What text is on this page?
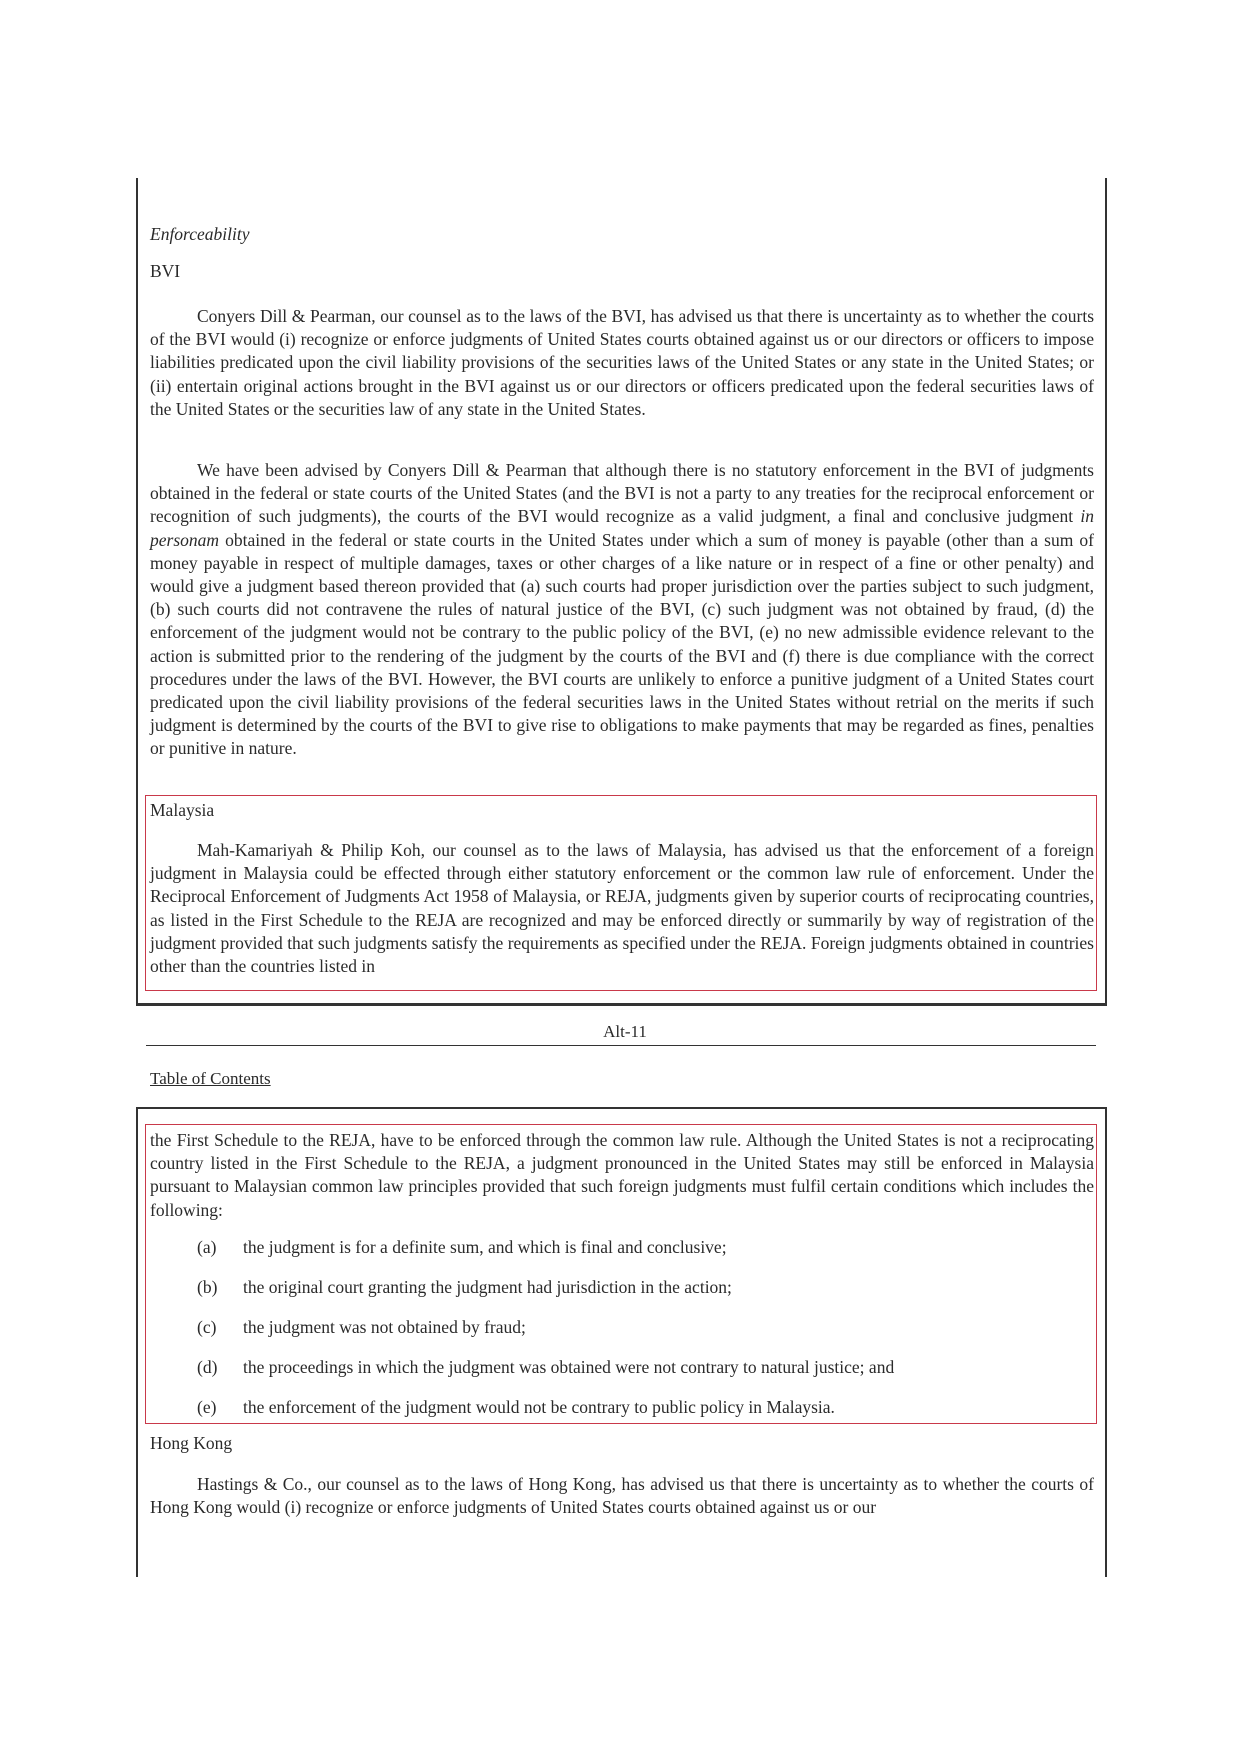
Enforceability
BVI

Conyers Dill & Pearman, our counsel as to the laws of the BVI, has advised us that there is uncertainty as to whether the courts of the BVI would (i) recognize or enforce judgments of United States courts obtained against us or our directors or officers to impose liabilities predicated upon the civil liability provisions of the securities laws of the United States or any state in the United States; or (ii) entertain original actions brought in the BVI against us or our directors or officers predicated upon the federal securities laws of the United States or the securities law of any state in the United States.

We have been advised by Conyers Dill & Pearman that although there is no statutory enforcement in the BVI of judgments obtained in the federal or state courts of the United States (and the BVI is not a party to any treaties for the reciprocal enforcement or recognition of such judgments), the courts of the BVI would recognize as a valid judgment, a final and conclusive judgment in personam obtained in the federal or state courts in the United States under which a sum of money is payable (other than a sum of money payable in respect of multiple damages, taxes or other charges of a like nature or in respect of a fine or other penalty) and would give a judgment based thereon provided that (a) such courts had proper jurisdiction over the parties subject to such judgment, (b) such courts did not contravene the rules of natural justice of the BVI, (c) such judgment was not obtained by fraud, (d) the enforcement of the judgment would not be contrary to the public policy of the BVI, (e) no new admissible evidence relevant to the action is submitted prior to the rendering of the judgment by the courts of the BVI and (f) there is due compliance with the correct procedures under the laws of the BVI. However, the BVI courts are unlikely to enforce a punitive judgment of a United States court predicated upon the civil liability provisions of the federal securities laws in the United States without retrial on the merits if such judgment is determined by the courts of the BVI to give rise to obligations to make payments that may be regarded as fines, penalties or punitive in nature.

Malaysia

Mah-Kamariyah & Philip Koh, our counsel as to the laws of Malaysia, has advised us that the enforcement of a foreign judgment in Malaysia could be effected through either statutory enforcement or the common law rule of enforcement. Under the Reciprocal Enforcement of Judgments Act 1958 of Malaysia, or REJA, judgments given by superior courts of reciprocating countries, as listed in the First Schedule to the REJA are recognized and may be enforced directly or summarily by way of registration of the judgment provided that such judgments satisfy the requirements as specified under the REJA. Foreign judgments obtained in countries other than the countries listed in

Alt-11
Table of Contents

the First Schedule to the REJA, have to be enforced through the common law rule. Although the United States is not a reciprocating country listed in the First Schedule to the REJA, a judgment pronounced in the United States may still be enforced in Malaysia pursuant to Malaysian common law principles provided that such foreign judgments must fulfil certain conditions which includes the following:

(a) the judgment is for a definite sum, and which is final and conclusive;
(b) the original court granting the judgment had jurisdiction in the action;
(c) the judgment was not obtained by fraud;
(d) the proceedings in which the judgment was obtained were not contrary to natural justice; and
(e) the enforcement of the judgment would not be contrary to public policy in Malaysia.
Hong Kong

Hastings & Co., our counsel as to the laws of Hong Kong, has advised us that there is uncertainty as to whether the courts of Hong Kong would (i) recognize or enforce judgments of United States courts obtained against us or our
